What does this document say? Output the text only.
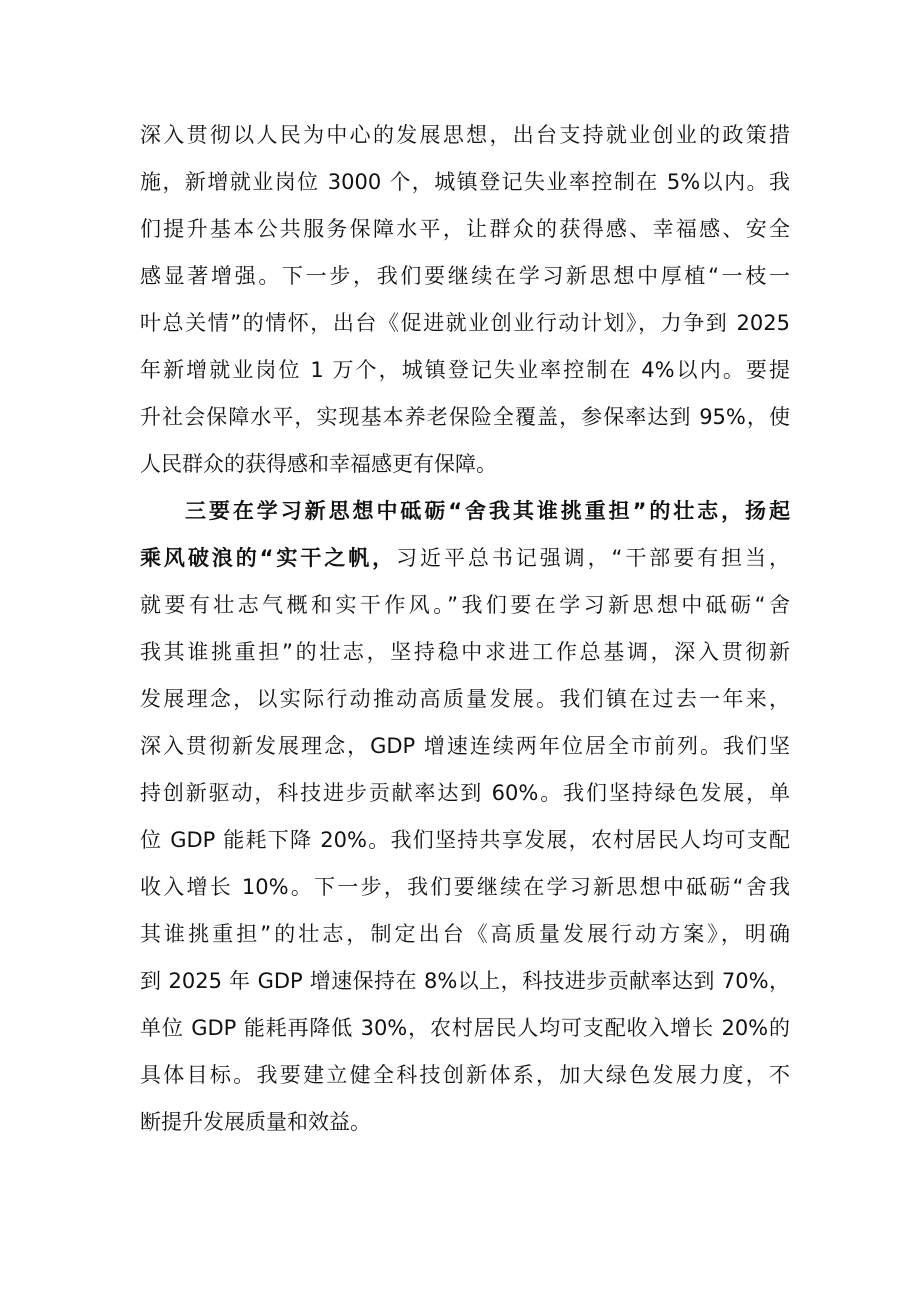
深入贯彻以人民为中心的发展思想，出台支持就业创业的政策措
施，新增就业岗位 3000 个，城镇登记失业率控制在 5%以内。我
们提升基本公共服务保障水平，让群众的获得感、幸福感、安全
感显著增强。下一步，我们要继续在学习新思想中厚植“一枝一
叶总关情”的情怀，出台《促进就业创业行动计划》，力争到 2025
年新增就业岗位 1 万个，城镇登记失业率控制在 4%以内。要提
升社会保障水平，实现基本养老保险全覆盖，参保率达到 95%，使
人民群众的获得感和幸福感更有保障。
三要在学习新思想中砥砺“舍我其谁挑重担”的壮志，扬起
乘风破浪的“实干之帆，习近平总书记强调，“干部要有担当，
就要有壮志气概和实干作风。”我们要在学习新思想中砥砺“舍
我其谁挑重担”的壮志，坚持稳中求进工作总基调，深入贯彻新
发展理念，以实际行动推动高质量发展。我们镇在过去一年来，
深入贯彻新发展理念，GDP 增速连续两年位居全市前列。我们坚
持创新驱动，科技进步贡献率达到 60%。我们坚持绿色发展，单
位 GDP 能耗下降 20%。我们坚持共享发展，农村居民人均可支配
收入增长 10%。下一步，我们要继续在学习新思想中砥砺“舍我
其谁挑重担”的壮志，制定出台《高质量发展行动方案》，明确
到 2025 年 GDP 增速保持在 8%以上，科技进步贡献率达到 70%，
单位 GDP 能耗再降低 30%，农村居民人均可支配收入增长 20%的
具体目标。我要建立健全科技创新体系，加大绿色发展力度，不
断提升发展质量和效益。
